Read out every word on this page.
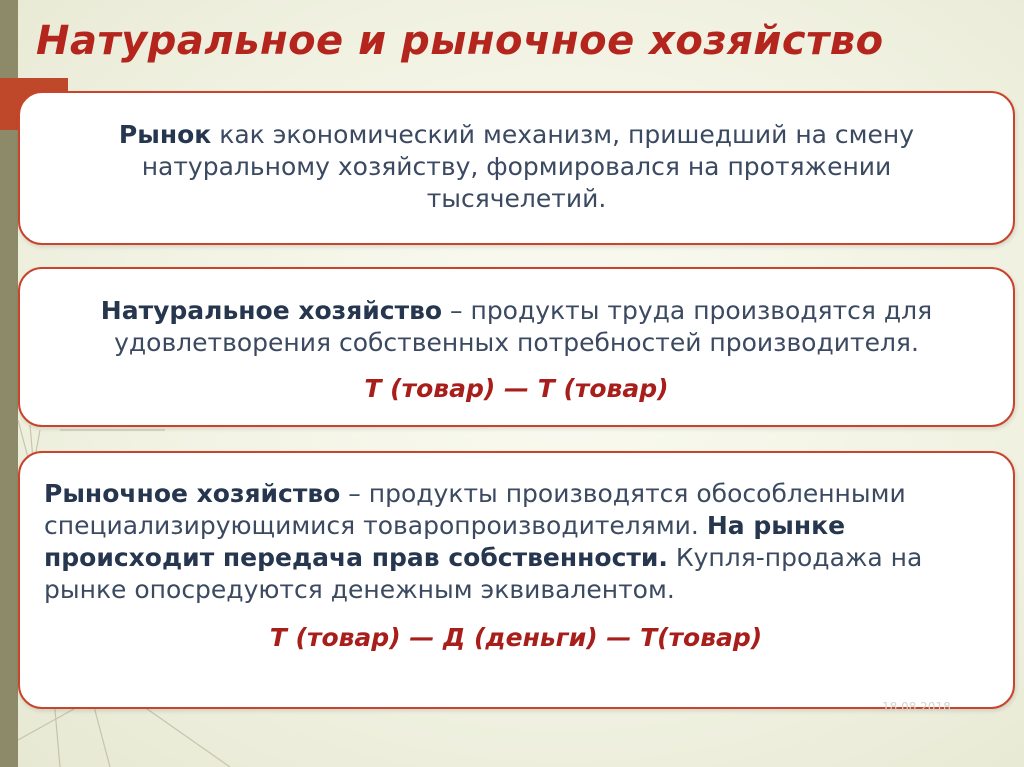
Натуральное и рыночное хозяйство
Рынок как экономический механизм, пришедший на смену натуральному хозяйству, формировался на протяжении тысячелетий.
Натуральное хозяйство – продукты труда производятся для удовлетворения собственных потребностей производителя.
Т (товар) — Т (товар)
Рыночное хозяйство – продукты производятся обособленными специализирующимися товаропроизводителями. На рынке происходит передача прав собственности. Купля-продажа на рынке опосредуются денежным эквивалентом.
Т (товар) — Д (деньги) — Т(товар)
18.08.2018
